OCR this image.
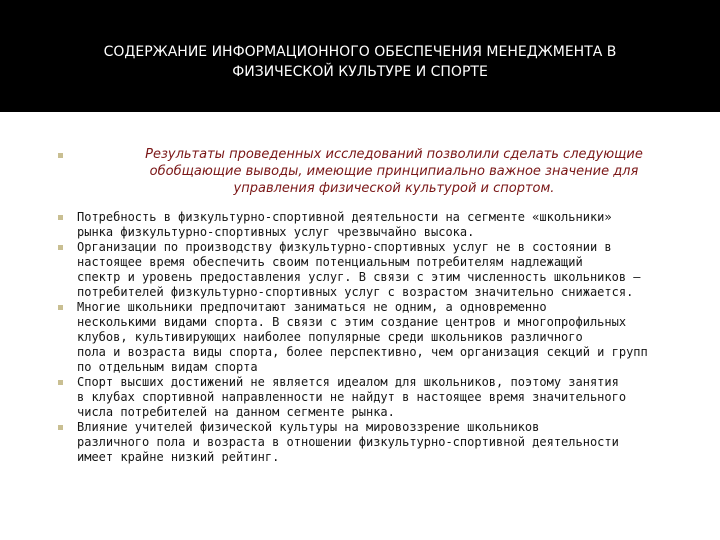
СОДЕРЖАНИЕ ИНФОРМАЦИОННОГО ОБЕСПЕЧЕНИЯ МЕНЕДЖМЕНТА В
ФИЗИЧЕСКОЙ КУЛЬТУРЕ И СПОРТЕ

Результаты проведенных исследований позволили сделать следующие
обобщающие выводы, имеющие принципиально важное значение для
управления физической культурой и спортом.

Потребность в физкультурно-спортивной деятельности на сегменте «школьники»
рынка физкультурно-спортивных услуг чрезвычайно высока.
Организации по производству физкультурно-спортивных услуг не в состоянии в
настоящее время обеспечить своим потенциальным потребителям надлежащий
спектр и уровень предоставления услуг. В связи с этим численность школьников —
потребителей физкультурно-спортивных услуг с возрастом значительно снижается.
Многие школьники предпочитают заниматься не одним, а одновременно
несколькими видами спорта. В связи с этим создание центров и многопрофильных
клубов, культивирующих наиболее популярные среди школьников различного
пола и возраста виды спорта, более перспективно, чем организация секций и групп
по отдельным видам спорта
Спорт высших достижений не является идеалом для школьников, поэтому занятия
в клубах спортивной направленности не найдут в настоящее время значительного
числа потребителей на данном сегменте рынка.
Влияние учителей физической культуры на мировоззрение школьников
различного пола и возраста в отношении физкультурно-спортивной деятельности
имеет крайне низкий рейтинг.
